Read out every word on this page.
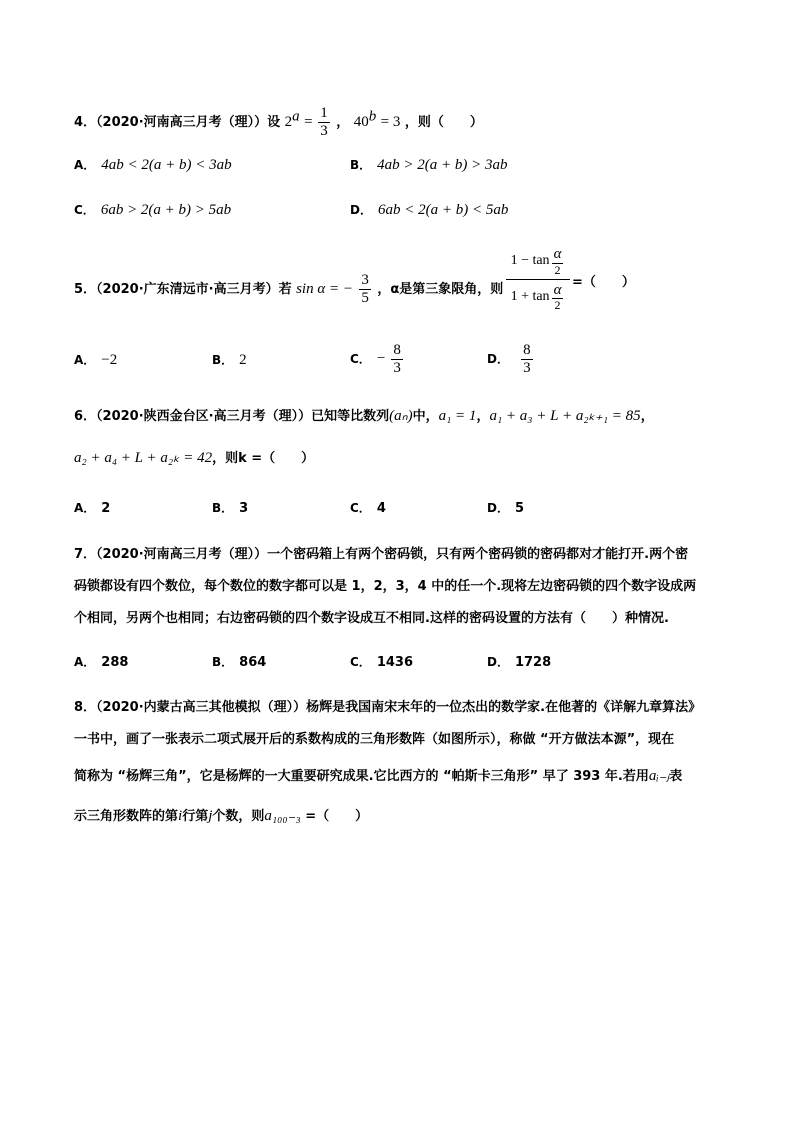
4．（2020·河南高三月考（理））设 $2^a = \frac{1}{3}$ ， $40^b = 3$ ，则（　　）
A． 4ab < 2(a + b) < 3ab	B． 4ab > 2(a + b) > 3ab
C． 6ab > 2(a + b) > 5ab	D． 6ab < 2(a + b) < 5ab
5．（2020·广东清远市·高三月考）若 sin α = − $\frac{3}{5}$ ，α是第三象限角，则
$1 - \tan \frac{\alpha}{2}$
$1 + \tan \frac{\alpha}{2}$ =（　　）
A． −2	B． 2	C． − $\frac{8}{3}$	D． $\frac{8}{3}$
6．（2020·陕西金台区·高三月考（理））已知等比数列(aₙ)中，a₁ = 1，a₁ + a₃ + L + a₂ₖ₊₁ = 85，
a₂ + a₄ + L + a₂ₖ = 42，则k =（　　）
A． 2	B． 3	C． 4	D． 5
7．（2020·河南高三月考（理））一个密码箱上有两个密码锁，只有两个密码锁的密码都对才能打开.两个密
码锁都设有四个数位，每个数位的数字都可以是 1，2，3，4 中的任一个.现将左边密码锁的四个数字设成两
个相同，另两个也相同；右边密码锁的四个数字设成互不相同.这样的密码设置的方法有（　　）种情况.
A． 288	B． 864	C． 1436	D． 1728
8．（2020·内蒙古高三其他模拟（理））杨辉是我国南宋末年的一位杰出的数学家.在他著的《详解九章算法》
一书中，画了一张表示二项式展开后的系数构成的三角形数阵（如图所示），称做 “开方做法本源”，现在
简称为 “杨辉三角”，它是杨辉的一大重要研究成果.它比西方的 “帕斯卡三角形” 早了 393 年.若用aᵢ₋ⱼ表
示三角形数阵的第i行第j个数，则a₁₀₀₋₃ =（　　）
